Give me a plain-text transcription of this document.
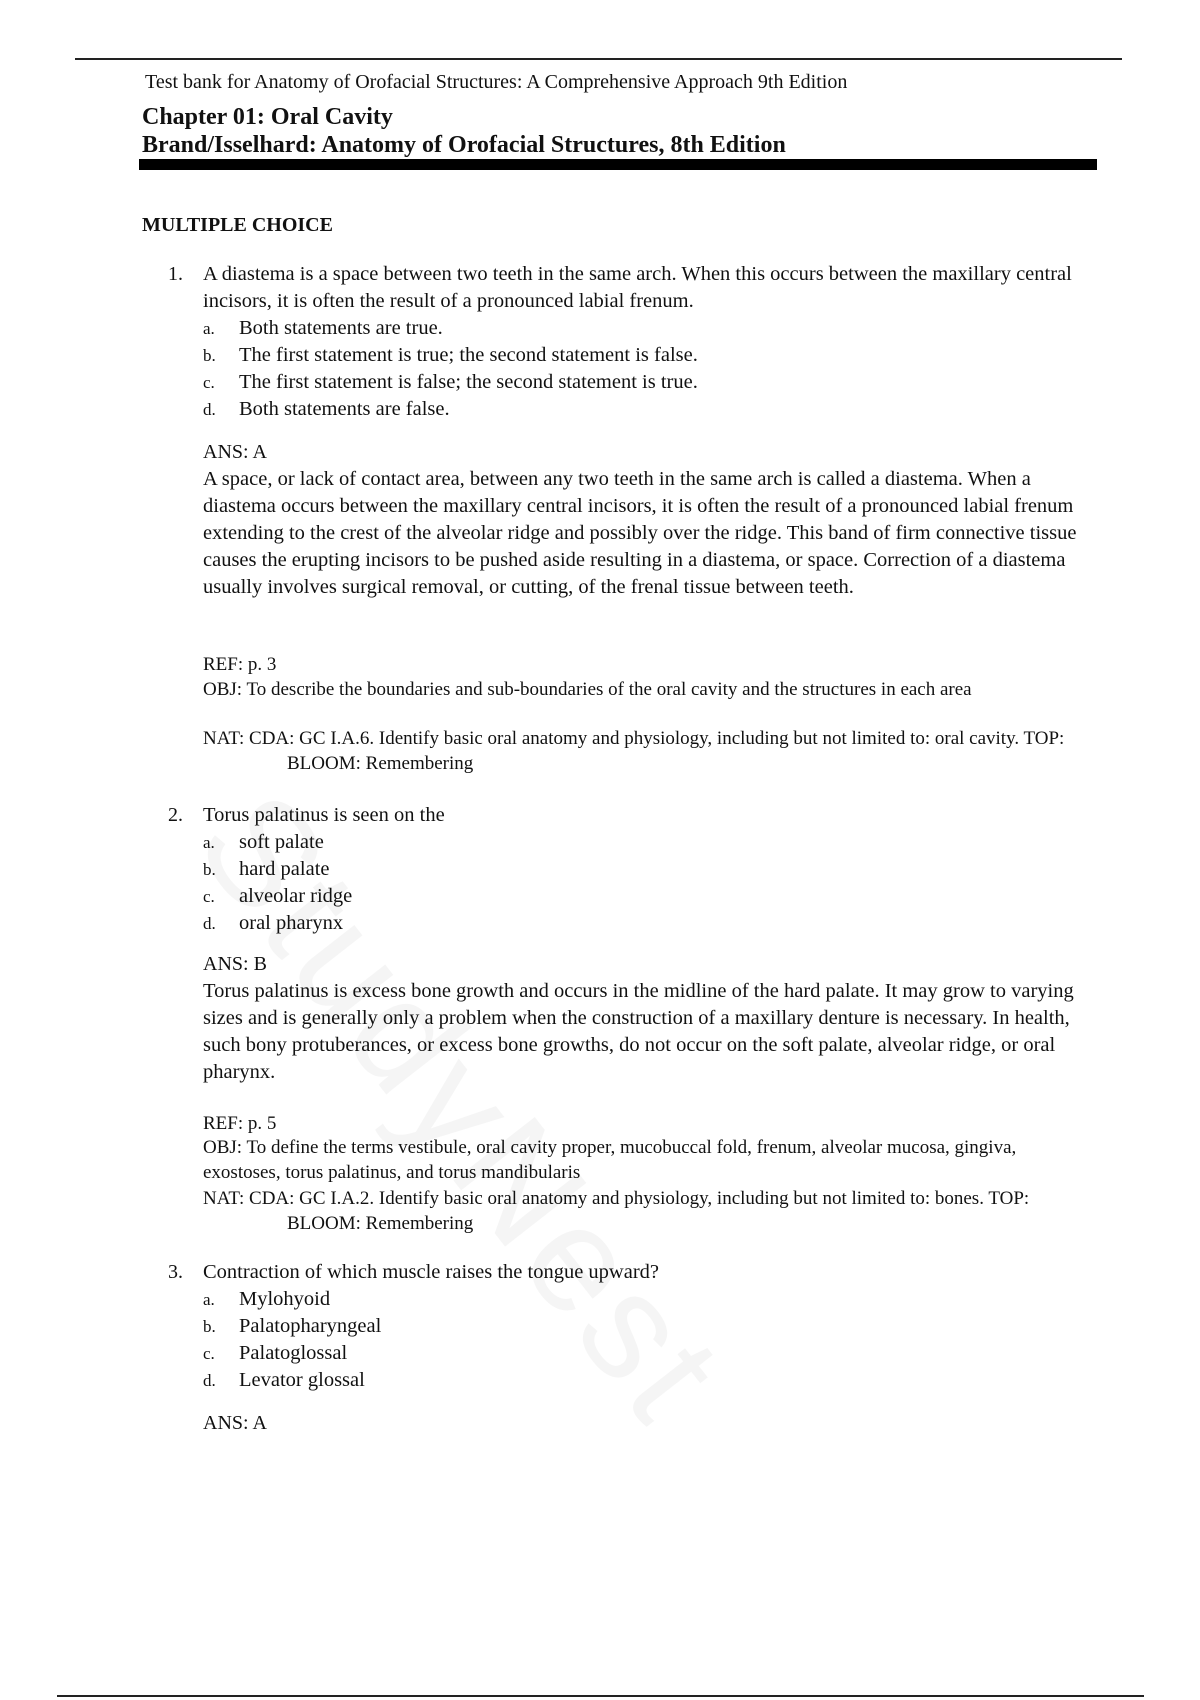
Test bank for Anatomy of Orofacial Structures: A Comprehensive Approach 9th Edition
Chapter 01: Oral Cavity
Brand/Isselhard: Anatomy of Orofacial Structures, 8th Edition
MULTIPLE CHOICE
1. A diastema is a space between two teeth in the same arch. When this occurs between the maxillary central incisors, it is often the result of a pronounced labial frenum.
a. Both statements are true.
b. The first statement is true; the second statement is false.
c. The first statement is false; the second statement is true.
d. Both statements are false.
ANS: A
A space, or lack of contact area, between any two teeth in the same arch is called a diastema. When a diastema occurs between the maxillary central incisors, it is often the result of a pronounced labial frenum extending to the crest of the alveolar ridge and possibly over the ridge. This band of firm connective tissue causes the erupting incisors to be pushed aside resulting in a diastema, or space. Correction of a diastema usually involves surgical removal, or cutting, of the frenal tissue between teeth.
REF: p. 3
OBJ: To describe the boundaries and sub-boundaries of the oral cavity and the structures in each area
NAT: CDA: GC I.A.6. Identify basic oral anatomy and physiology, including but not limited to: oral cavity. TOP:BLOOM: Remembering
2. Torus palatinus is seen on the
a. soft palate
b. hard palate
c. alveolar ridge
d. oral pharynx
ANS: B
Torus palatinus is excess bone growth and occurs in the midline of the hard palate. It may grow to varying sizes and is generally only a problem when the construction of a maxillary denture is necessary. In health, such bony protuberances, or excess bone growths, do not occur on the soft palate, alveolar ridge, or oral pharynx.
REF: p. 5
OBJ: To define the terms vestibule, oral cavity proper, mucobuccal fold, frenum, alveolar mucosa, gingiva, exostoses, torus palatinus, and torus mandibularis
NAT: CDA: GC I.A.2. Identify basic oral anatomy and physiology, including but not limited to: bones. TOP:BLOOM: Remembering
3. Contraction of which muscle raises the tongue upward?
a. Mylohyoid
b. Palatopharyngeal
c. Palatoglossal
d. Levator glossal
ANS: A
